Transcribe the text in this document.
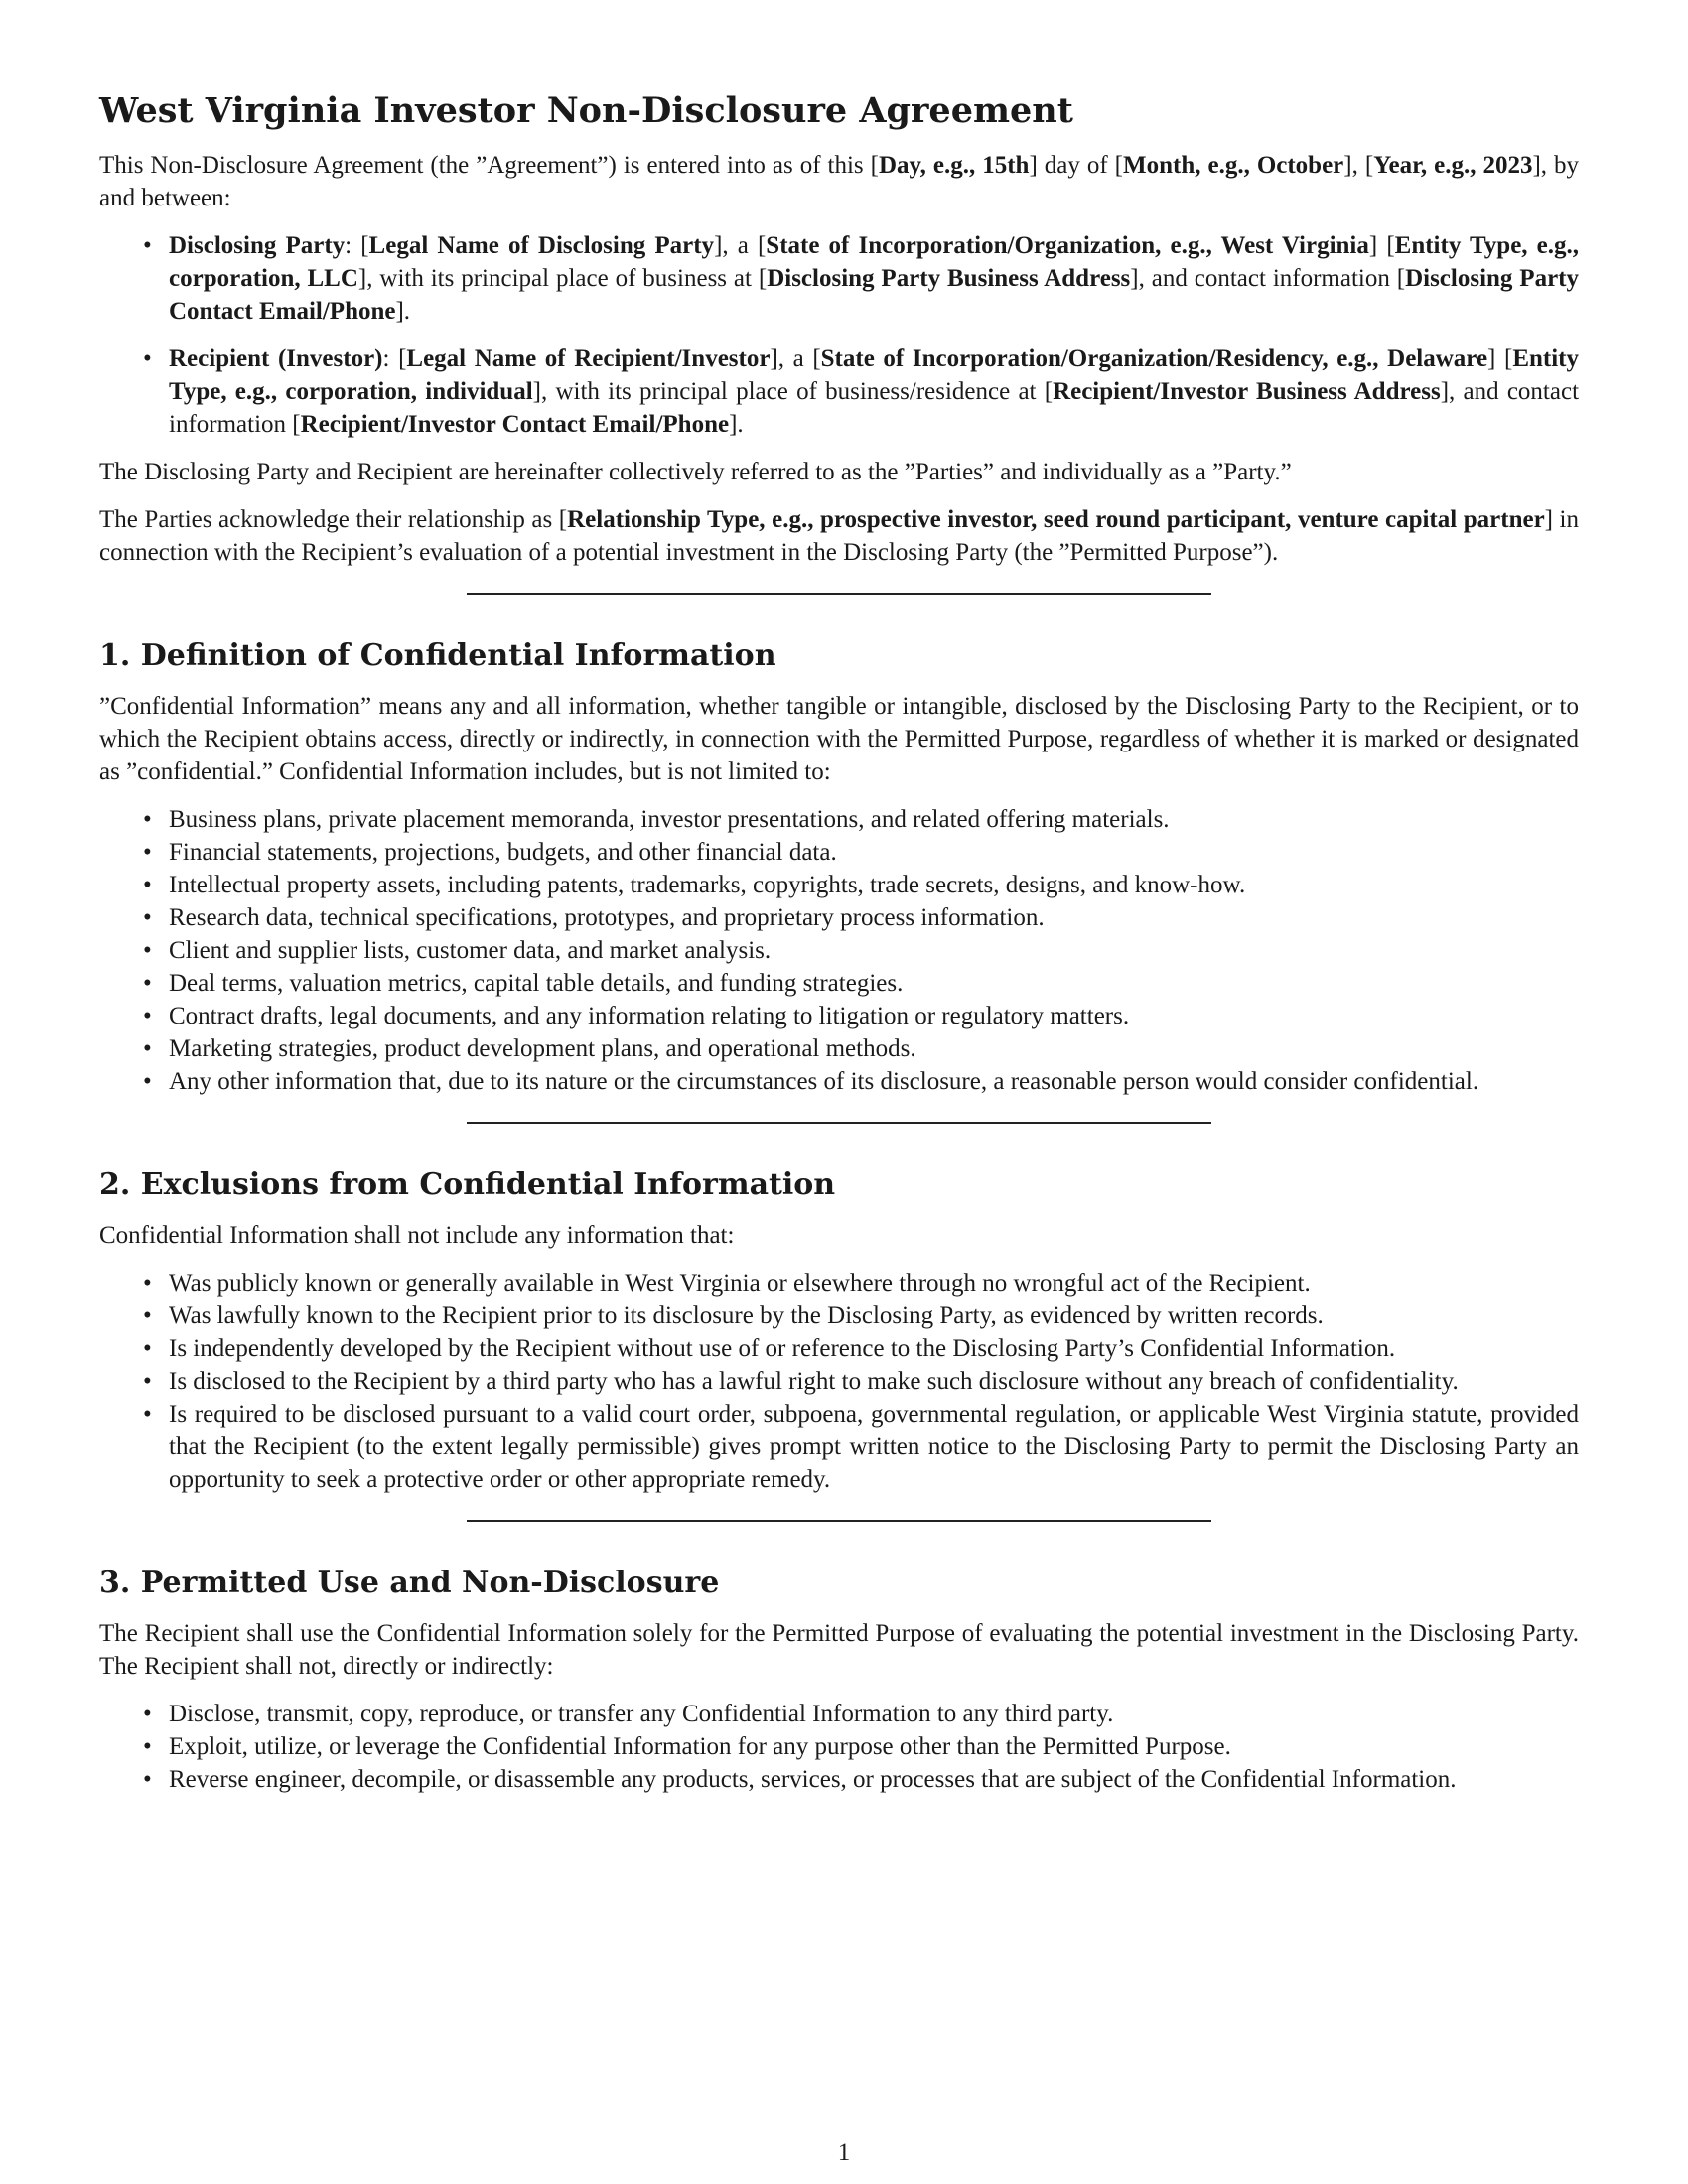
West Virginia Investor Non-Disclosure Agreement

This Non-Disclosure Agreement (the ”Agreement”) is entered into as of this [Day, e.g., 15th] day of [Month, e.g., October], [Year, e.g., 2023], by and between:

• Disclosing Party: [Legal Name of Disclosing Party], a [State of Incorporation/Organization, e.g., West Virginia] [Entity Type, e.g., corporation, LLC], with its principal place of business at [Disclosing Party Business Address], and contact information [Disclosing Party Contact Email/Phone].
• Recipient (Investor): [Legal Name of Recipient/Investor], a [State of Incorporation/Organization/Residency, e.g., Delaware] [Entity Type, e.g., corporation, individual], with its principal place of business/residence at [Recipient/Investor Business Address], and contact information [Recipient/Investor Contact Email/Phone].

The Disclosing Party and Recipient are hereinafter collectively referred to as the ”Parties” and individually as a ”Party.”

The Parties acknowledge their relationship as [Relationship Type, e.g., prospective investor, seed round participant, venture capital partner] in connection with the Recipient’s evaluation of a potential investment in the Disclosing Party (the ”Permitted Purpose”).

1. Definition of Confidential Information

”Confidential Information” means any and all information, whether tangible or intangible, disclosed by the Disclosing Party to the Recipient, or to which the Recipient obtains access, directly or indirectly, in connection with the Permitted Purpose, regardless of whether it is marked or designated as ”confidential.” Confidential Information includes, but is not limited to:

• Business plans, private placement memoranda, investor presentations, and related offering materials.
• Financial statements, projections, budgets, and other financial data.
• Intellectual property assets, including patents, trademarks, copyrights, trade secrets, designs, and know-how.
• Research data, technical specifications, prototypes, and proprietary process information.
• Client and supplier lists, customer data, and market analysis.
• Deal terms, valuation metrics, capital table details, and funding strategies.
• Contract drafts, legal documents, and any information relating to litigation or regulatory matters.
• Marketing strategies, product development plans, and operational methods.
• Any other information that, due to its nature or the circumstances of its disclosure, a reasonable person would consider confidential.
2. Exclusions from Confidential Information

Confidential Information shall not include any information that:

• Was publicly known or generally available in West Virginia or elsewhere through no wrongful act of the Recipient.
• Was lawfully known to the Recipient prior to its disclosure by the Disclosing Party, as evidenced by written records.
• Is independently developed by the Recipient without use of or reference to the Disclosing Party’s Confidential Information.
• Is disclosed to the Recipient by a third party who has a lawful right to make such disclosure without any breach of confidentiality.
• Is required to be disclosed pursuant to a valid court order, subpoena, governmental regulation, or applicable West Virginia statute, provided that the Recipient (to the extent legally permissible) gives prompt written notice to the Disclosing Party to permit the Disclosing Party an opportunity to seek a protective order or other appropriate remedy.
3. Permitted Use and Non-Disclosure

The Recipient shall use the Confidential Information solely for the Permitted Purpose of evaluating the potential investment in the Disclosing Party. The Recipient shall not, directly or indirectly:

• Disclose, transmit, copy, reproduce, or transfer any Confidential Information to any third party.
• Exploit, utilize, or leverage the Confidential Information for any purpose other than the Permitted Purpose.
• Reverse engineer, decompile, or disassemble any products, services, or processes that are subject of the Confidential Information.
1
